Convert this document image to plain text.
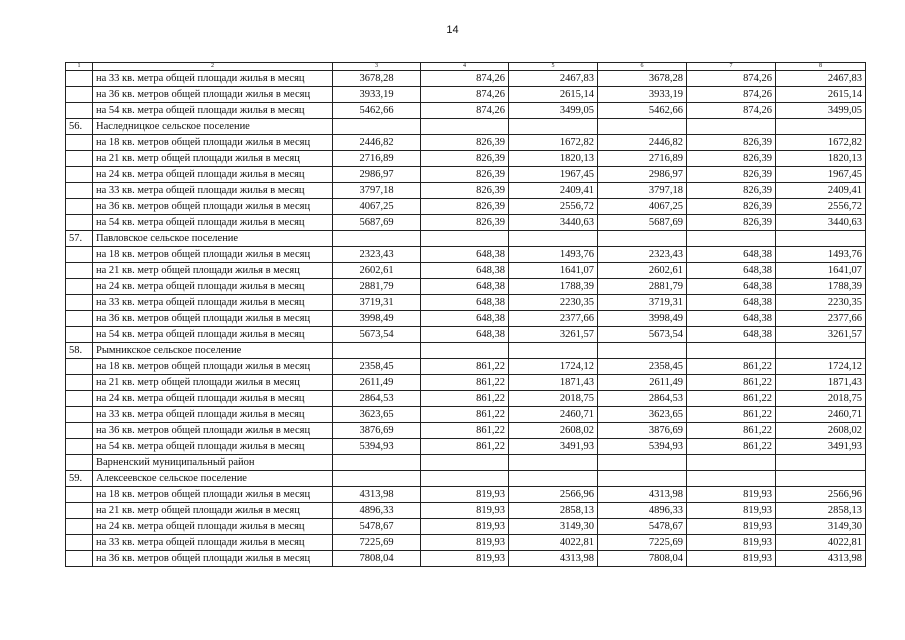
14
1	2	3	4	5	6	7	8
	на 33 кв. метра общей площади жилья в месяц	3678,28	874,26	2467,83	3678,28	874,26	2467,83
	на 36 кв. метров общей площади жилья в месяц	3933,19	874,26	2615,14	3933,19	874,26	2615,14
	на 54 кв. метра общей площади жилья в месяц	5462,66	874,26	3499,05	5462,66	874,26	3499,05
56.	Наследницкое сельское поселение						
	на 18 кв. метров общей площади жилья в месяц	2446,82	826,39	1672,82	2446,82	826,39	1672,82
	на 21 кв. метр общей площади жилья в месяц	2716,89	826,39	1820,13	2716,89	826,39	1820,13
	на 24 кв. метра общей площади жилья в месяц	2986,97	826,39	1967,45	2986,97	826,39	1967,45
	на 33 кв. метра общей площади жилья в месяц	3797,18	826,39	2409,41	3797,18	826,39	2409,41
	на 36 кв. метров общей площади жилья в месяц	4067,25	826,39	2556,72	4067,25	826,39	2556,72
	на 54 кв. метра общей площади жилья в месяц	5687,69	826,39	3440,63	5687,69	826,39	3440,63
57.	Павловское сельское поселение						
	на 18 кв. метров общей площади жилья в месяц	2323,43	648,38	1493,76	2323,43	648,38	1493,76
	на 21 кв. метр общей площади жилья в месяц	2602,61	648,38	1641,07	2602,61	648,38	1641,07
	на 24 кв. метра общей площади жилья в месяц	2881,79	648,38	1788,39	2881,79	648,38	1788,39
	на 33 кв. метра общей площади жилья в месяц	3719,31	648,38	2230,35	3719,31	648,38	2230,35
	на 36 кв. метров общей площади жилья в месяц	3998,49	648,38	2377,66	3998,49	648,38	2377,66
	на 54 кв. метра общей площади жилья в месяц	5673,54	648,38	3261,57	5673,54	648,38	3261,57
58.	Рымникское сельское поселение						
	на 18 кв. метров общей площади жилья в месяц	2358,45	861,22	1724,12	2358,45	861,22	1724,12
	на 21 кв. метр общей площади жилья в месяц	2611,49	861,22	1871,43	2611,49	861,22	1871,43
	на 24 кв. метра общей площади жилья в месяц	2864,53	861,22	2018,75	2864,53	861,22	2018,75
	на 33 кв. метра общей площади жилья в месяц	3623,65	861,22	2460,71	3623,65	861,22	2460,71
	на 36 кв. метров общей площади жилья в месяц	3876,69	861,22	2608,02	3876,69	861,22	2608,02
	на 54 кв. метра общей площади жилья в месяц	5394,93	861,22	3491,93	5394,93	861,22	3491,93
	Варненский муниципальный район						
59.	Алексеевское сельское поселение						
	на 18 кв. метров общей площади жилья в месяц	4313,98	819,93	2566,96	4313,98	819,93	2566,96
	на 21 кв. метр общей площади жилья в месяц	4896,33	819,93	2858,13	4896,33	819,93	2858,13
	на 24 кв. метра общей площади жилья в месяц	5478,67	819,93	3149,30	5478,67	819,93	3149,30
	на 33 кв. метра общей площади жилья в месяц	7225,69	819,93	4022,81	7225,69	819,93	4022,81
	на 36 кв. метров общей площади жилья в месяц	7808,04	819,93	4313,98	7808,04	819,93	4313,98
